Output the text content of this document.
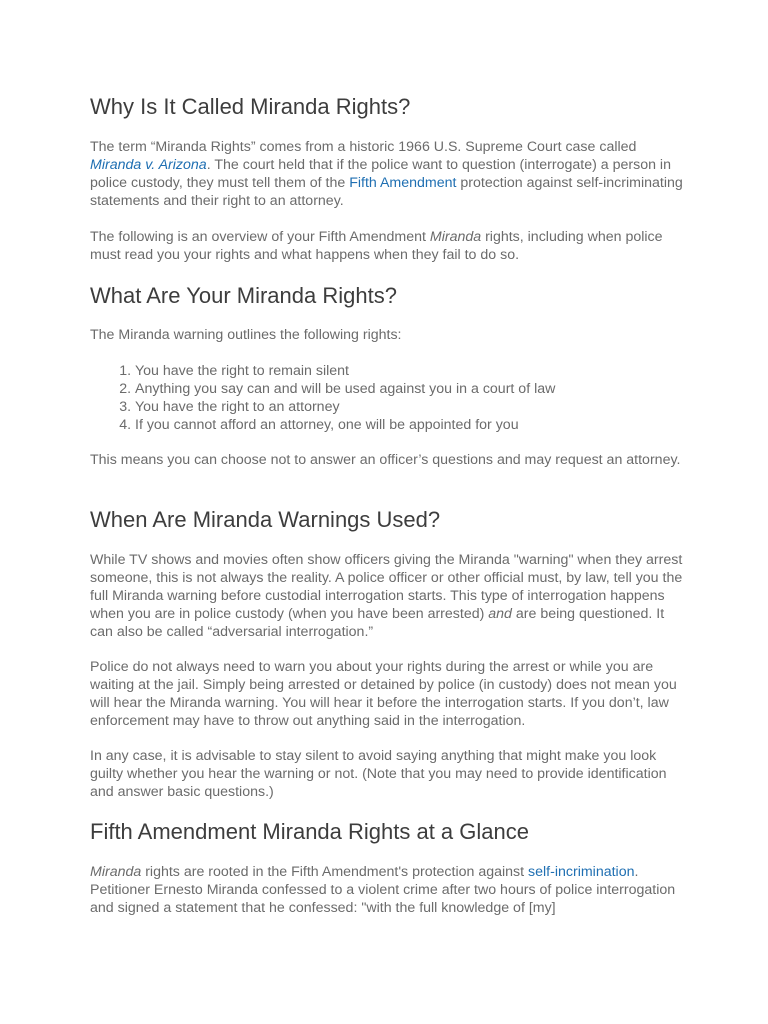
Why Is It Called Miranda Rights?

The term “Miranda Rights” comes from a historic 1966 U.S. Supreme Court case called Miranda v. Arizona. The court held that if the police want to question (interrogate) a person in police custody, they must tell them of the Fifth Amendment protection against self-incriminating statements and their right to an attorney.

The following is an overview of your Fifth Amendment Miranda rights, including when police must read you your rights and what happens when they fail to do so.

What Are Your Miranda Rights?

The Miranda warning outlines the following rights:

1. You have the right to remain silent
2. Anything you say can and will be used against you in a court of law
3. You have the right to an attorney
4. If you cannot afford an attorney, one will be appointed for you

This means you can choose not to answer an officer’s questions and may request an attorney.

When Are Miranda Warnings Used?

While TV shows and movies often show officers giving the Miranda "warning" when they arrest someone, this is not always the reality. A police officer or other official must, by law, tell you the full Miranda warning before custodial interrogation starts. This type of interrogation happens when you are in police custody (when you have been arrested) and are being questioned. It can also be called “adversarial interrogation.”

Police do not always need to warn you about your rights during the arrest or while you are waiting at the jail. Simply being arrested or detained by police (in custody) does not mean you will hear the Miranda warning. You will hear it before the interrogation starts. If you don’t, law enforcement may have to throw out anything said in the interrogation.

In any case, it is advisable to stay silent to avoid saying anything that might make you look guilty whether you hear the warning or not. (Note that you may need to provide identification and answer basic questions.)

Fifth Amendment Miranda Rights at a Glance

Miranda rights are rooted in the Fifth Amendment's protection against self-incrimination. Petitioner Ernesto Miranda confessed to a violent crime after two hours of police interrogation and signed a statement that he confessed: "with the full knowledge of [my]
